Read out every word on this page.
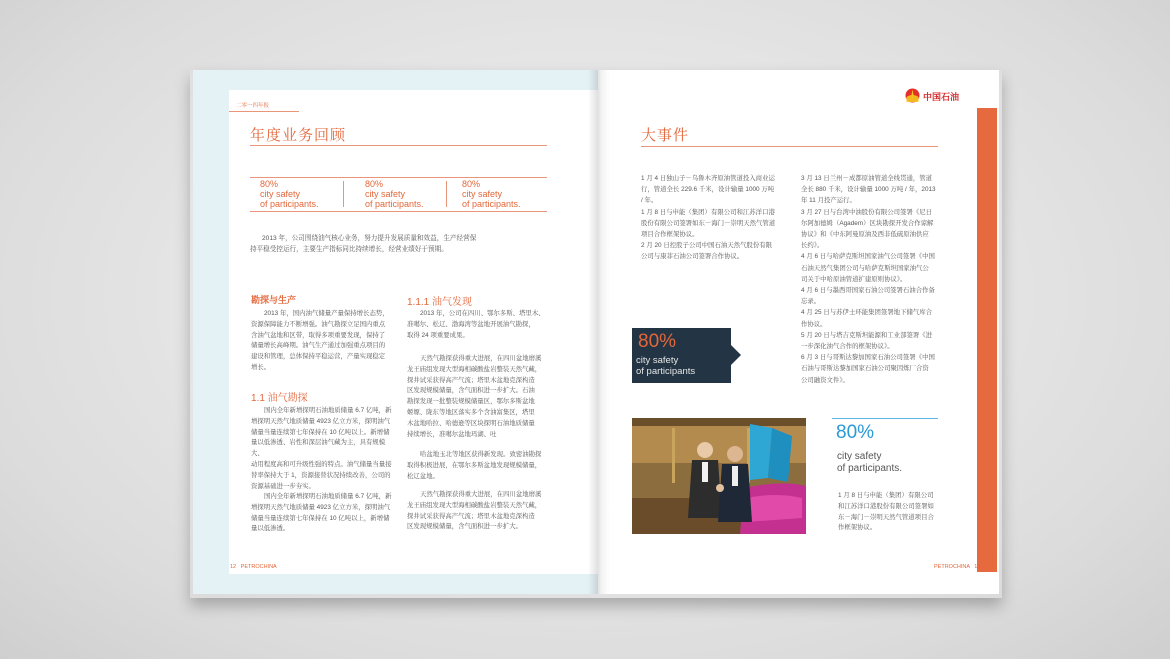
二零一四年报
年度业务回顾
80%
city safety
of participants.
80%
city safety
of participants.
80%
city safety
of participants.
2013 年，公司围绕油气核心业务，努力提升发展质量和效益，生产经营保
持平稳受控运行，主要生产指标同比持续增长，经营业绩好于预期。
勘探与生产
2013 年，国内油气储量产量保持增长态势，
资源保障能力不断增强。油气勘探立足国内重点
含油气盆地和区带，取得多项重要发现，保持了
储量增长高峰期。油气生产通过加强重点项目的
建设和管理，总体保持平稳运营，产量实现稳定
增长。
1.1 油气勘探
国内全年新增探明石油地质储量 6.7 亿吨，新
增探明天然气地质储量 4923 亿立方米，探明油气
储量当量连续第七年保持在 10 亿吨以上。新增储
量以低渗透、岩性和深层油气藏为主，具有规模大、
动用程度高和可升级性强的特点。油气储量当量接
替率保持大于 1，资源接替状况持续改善，公司的
资源基础进一步夯实。
国内全年新增探明石油地质储量 6.7 亿吨，新
增探明天然气地质储量 4923 亿立方米，探明油气
储量当量连续第七年保持在 10 亿吨以上，新增储
量以低渗透。
1.1.1 油气发现
2013 年，公司在四川、鄂尔多斯、塔里木、
准噶尔、松辽、渤海湾等盆地开展油气勘探，
取得 24 项重要成果。
天然气勘探获得重大进展，在四川盆地磨溪
龙王庙组发现大型海相碳酸盐岩整装天然气藏，
探井试采获得高产气流；塔里木盆地克深构造
区发现规模储量，含气面积进一步扩大。石油
勘探发现一批整装规模储量区，鄂尔多斯盆地
姬塬、陇东等地区落实多个含油富集区，塔里
木盆地哈拉、哈德逊等区块探明石油地质储量
持续增长，准噶尔盆地玛湖、吐
哈盆地玉北等地区获得新发现。致密油勘探
取得积极进展，在鄂尔多斯盆地发现规模储量，
松辽盆地。
天然气勘探获得重大进展，在四川盆地磨溪
龙王庙组发现大型海相碳酸盐岩整装天然气藏，
探井试采获得高产气流；塔里木盆地克深构造
区发现规模储量，含气面积进一步扩大。
12 PETROCHINA
中国石油
大事件
1 月 4 日独山子－乌鲁木齐原油管道投入商业运
行，管道全长 229.6 千米，设计输量 1000 万吨
/ 年。
1 月 8 日与申能（集团）有限公司和江苏洋口港
股份有限公司签署如东－海门－崇明天然气管道
项目合作框架协议。
2 月 20 日控股子公司中国石油天然气股份有限
公司与康菲石油公司签署合作协议。
3 月 13 日兰州－成都原油管道全线贯通，管道
全长 880 千米，设计输量 1000 万吨 / 年，2013
年 11 月投产运行。
3 月 27 日与台湾中油股份有限公司签署《尼日
尔阿加德姆（Agadem）区块勘探开发合作谅解
协议》和《中东阿曼原油及西非低硫原油供应
长约》。
4 月 6 日与哈萨克斯坦国家油气公司签署《中国
石油天然气集团公司与哈萨克斯坦国家油气公
司关于中哈原油管道扩建原则协议》。
4 月 6 日与墨西哥国家石油公司签署石油合作备
忘录。
4 月 25 日与苏伊士环能集团签署地下储气库合
作协议。
5 月 20 日与塔吉克斯坦能源和工业部签署《进
一步深化油气合作的框架协议》。
6 月 3 日与哥斯达黎加国家石油公司签署《中国
石油与哥斯达黎加国家石油公司聚因炼厂合资
公司融资文件》。
80%
city safety
of participants
80%
city safety
of participants.
1 月 8 日与申能（集团）有限公司
和江苏洋口港股份有限公司签署如
东－海门－崇明天然气管道项目合
作框架协议。
PETROCHINA 13
